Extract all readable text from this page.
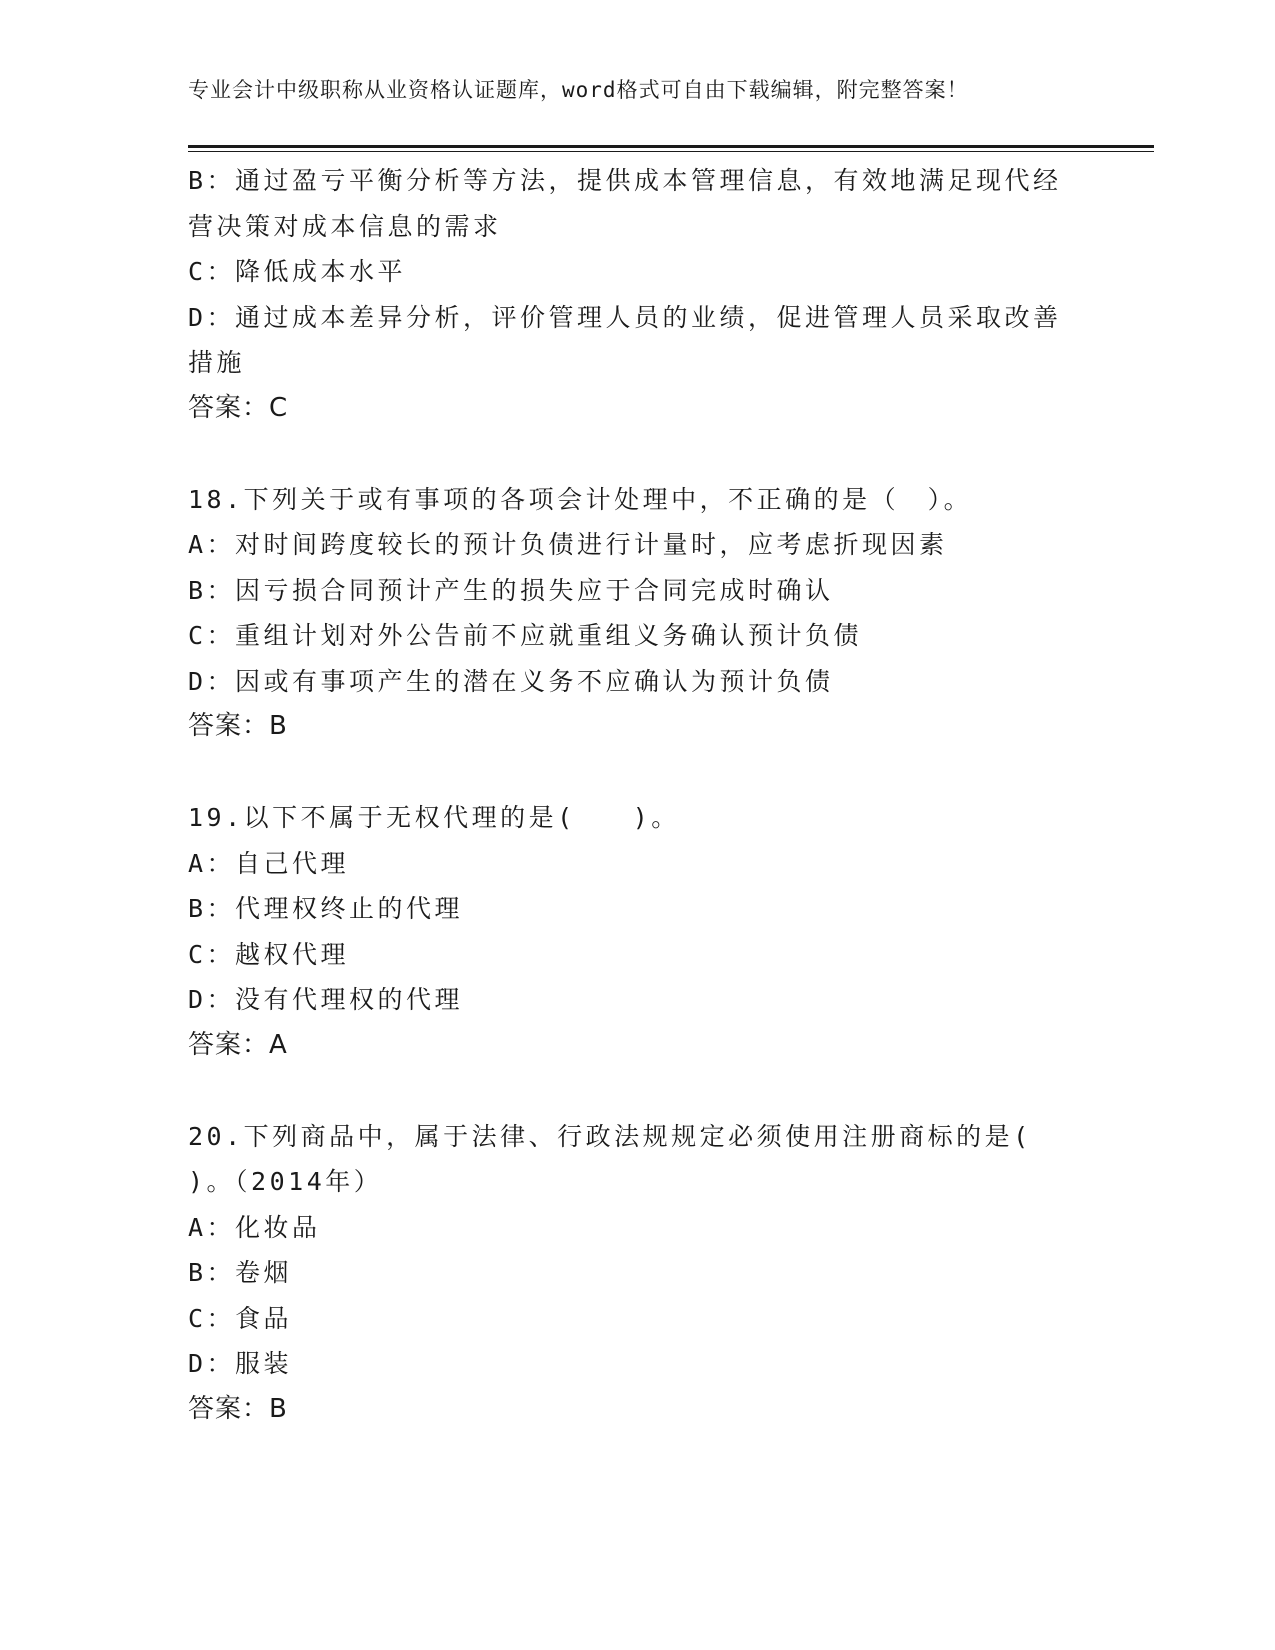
专业会计中级职称从业资格认证题库，word格式可自由下载编辑，附完整答案！
B：通过盈亏平衡分析等方法，提供成本管理信息，有效地满足现代经
营决策对成本信息的需求
C：降低成本水平
D：通过成本差异分析，评价管理人员的业绩，促进管理人员采取改善
措施
答案：C
18.下列关于或有事项的各项会计处理中，不正确的是（　）。
A：对时间跨度较长的预计负债进行计量时，应考虑折现因素
B：因亏损合同预计产生的损失应于合同完成时确认
C：重组计划对外公告前不应就重组义务确认预计负债
D：因或有事项产生的潜在义务不应确认为预计负债
答案：B
19.以下不属于无权代理的是(　　)。
A：自己代理
B：代理权终止的代理
C：越权代理
D：没有代理权的代理
答案：A
20.下列商品中，属于法律、行政法规规定必须使用注册商标的是(
)。（2014年）
A：化妆品
B：卷烟
C：食品
D：服装
答案：B
